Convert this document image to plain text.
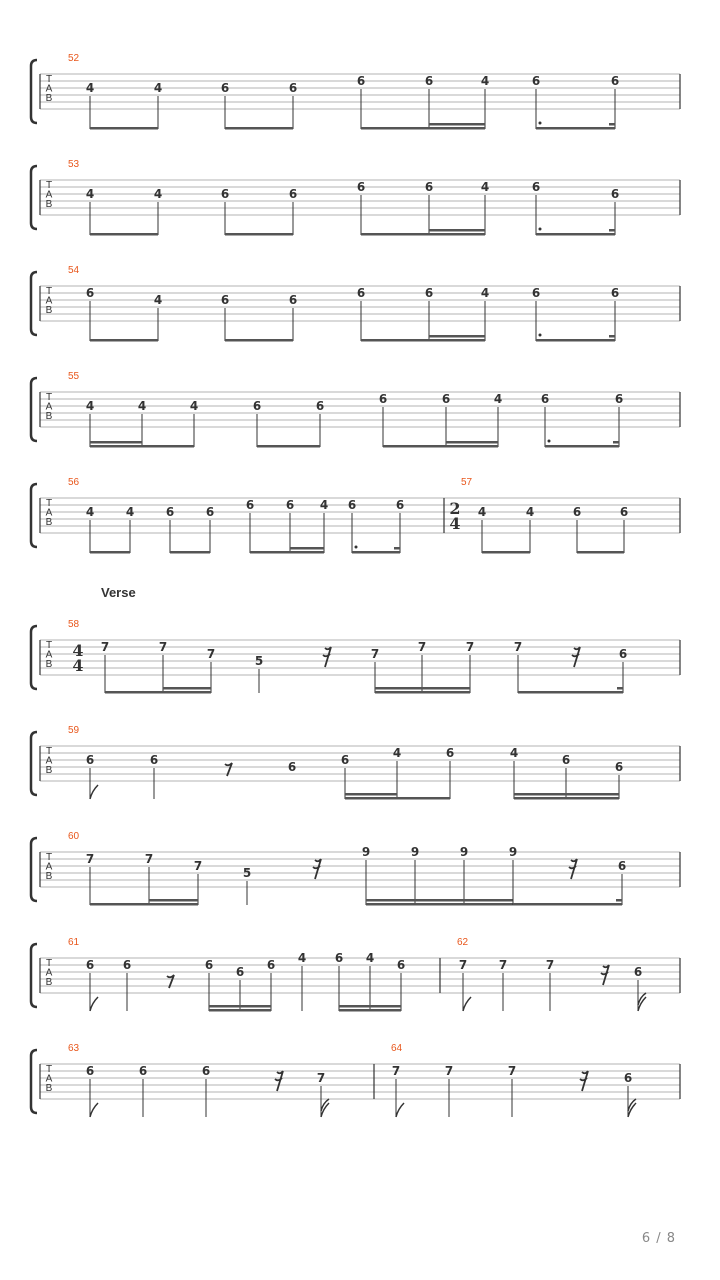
T
A
B
52
4	4	6	6	6	6	4	6	6
T
A
B
53
4	4	6	6	6	6	4	6	6
T
A
B
54
6	4	6	6	6	6	4	6	6
T
A
B
55
4	4	4	6	6	6	6	4	6	6
T
A
B
56
4	4	6	6	6	6 4 6	6
57
4	4	6	6
T
A
B
58
7	7	7	5	7	7	7	7	6
T
A
B
59
6	6	6	6	4	6	4	6	6
T
A
B
60
7	7	7	5
9	9	9	9
6
T
A
B
61
6 6	6 6 6 4 6 4 6
62
7	7	7	6
T
A
B
63
6	6	6	7
64
7	7	7	6
2
4
4
4
Verse
6 / 8
